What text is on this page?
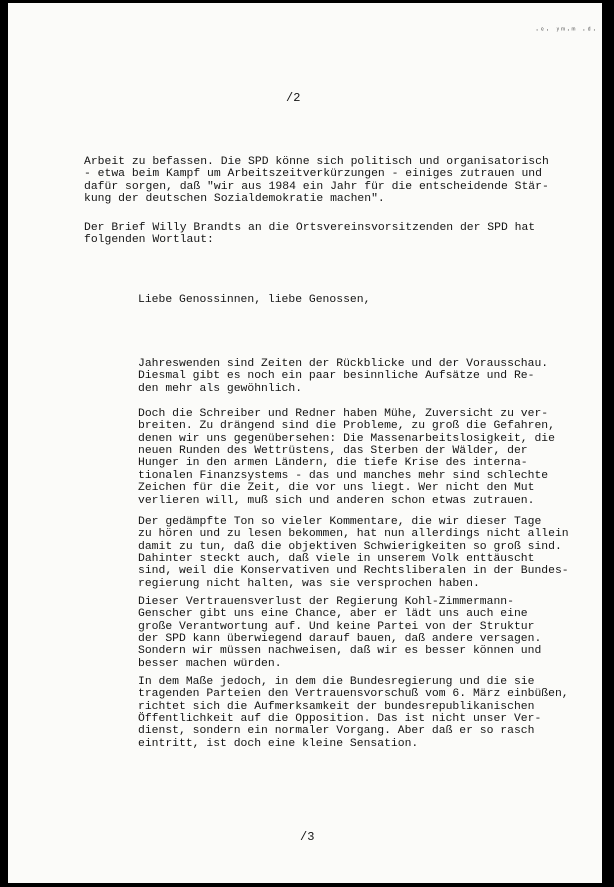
·ᵉ· ʸᵐ·ᵐ ·ᵈ·
/2

Arbeit zu befassen. Die SPD könne sich politisch und organisatorisch
- etwa beim Kampf um Arbeitszeitverkürzungen - einiges zutrauen und
dafür sorgen, daß "wir aus 1984 ein Jahr für die entscheidende Stär-
kung der deutschen Sozialdemokratie machen".

Der Brief Willy Brandts an die Ortsvereinsvorsitzenden der SPD hat
folgenden Wortlaut:

Liebe Genossinnen, liebe Genossen,

Jahreswenden sind Zeiten der Rückblicke und der Vorausschau.
Diesmal gibt es noch ein paar besinnliche Aufsätze und Re-
den mehr als gewöhnlich.

Doch die Schreiber und Redner haben Mühe, Zuversicht zu ver-
breiten. Zu drängend sind die Probleme, zu groß die Gefahren,
denen wir uns gegenübersehen: Die Massenarbeitslosigkeit, die
neuen Runden des Wettrüstens, das Sterben der Wälder, der
Hunger in den armen Ländern, die tiefe Krise des interna-
tionalen Finanzsystems - das und manches mehr sind schlechte
Zeichen für die Zeit, die vor uns liegt. Wer nicht den Mut
verlieren will, muß sich und anderen schon etwas zutrauen.

Der gedämpfte Ton so vieler Kommentare, die wir dieser Tage
zu hören und zu lesen bekommen, hat nun allerdings nicht allein
damit zu tun, daß die objektiven Schwierigkeiten so groß sind.
Dahinter steckt auch, daß viele in unserem Volk enttäuscht
sind, weil die Konservativen und Rechtsliberalen in der Bundes-
regierung nicht halten, was sie versprochen haben.

Dieser Vertrauensverlust der Regierung Kohl-Zimmermann-
Genscher gibt uns eine Chance, aber er lädt uns auch eine
große Verantwortung auf. Und keine Partei von der Struktur
der SPD kann überwiegend darauf bauen, daß andere versagen.
Sondern wir müssen nachweisen, daß wir es besser können und
besser machen würden.

In dem Maße jedoch, in dem die Bundesregierung und die sie
tragenden Parteien den Vertrauensvorschuß vom 6. März einbüßen,
richtet sich die Aufmerksamkeit der bundesrepublikanischen
Öffentlichkeit auf die Opposition. Das ist nicht unser Ver-
dienst, sondern ein normaler Vorgang. Aber daß er so rasch
eintritt, ist doch eine kleine Sensation.

/3
